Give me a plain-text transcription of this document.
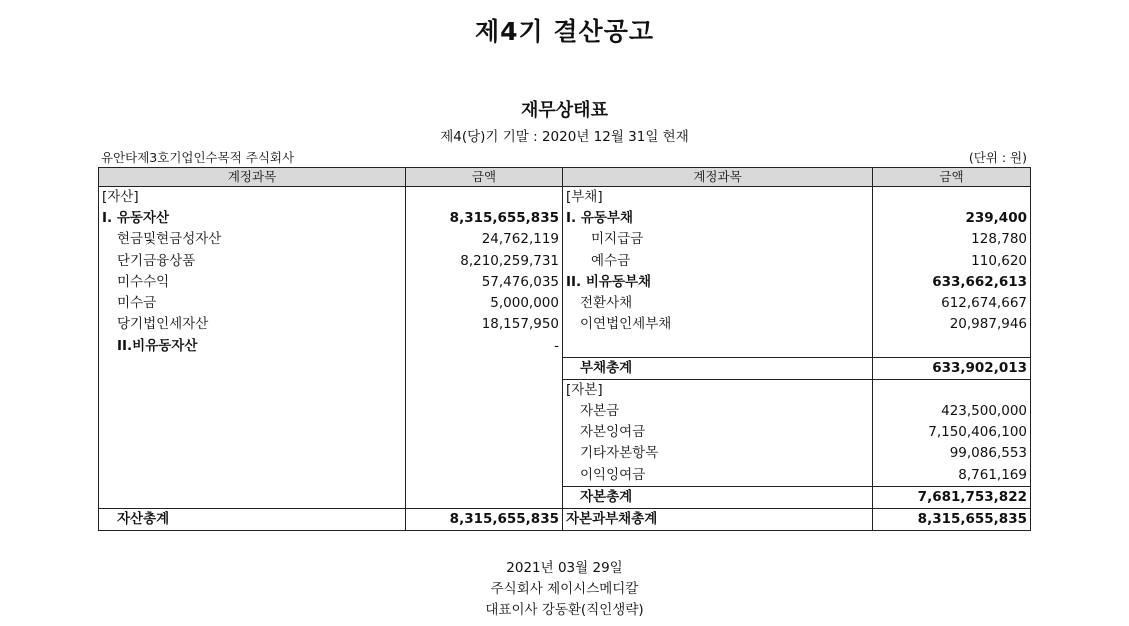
제4기 결산공고
재무상태표
제4(당)기 기말 : 2020년 12월 31일 현재
유안타제3호기업인수목적 주식회사	(단위 : 원)
계정과목	금액	계정과목	금액
[자산]		[부채]	
Ⅰ. 유동자산	8,315,655,835	I. 유동부채	239,400
현금및현금성자산	24,762,119	미지급금	128,780
단기금융상품	8,210,259,731	예수금	110,620
미수수익	57,476,035	II. 비유동부채	633,662,613
미수금	5,000,000	전환사채	612,674,667
당기법인세자산	18,157,950	이연법인세부채	20,987,946
II.비유동자산	-		
		부채총계	633,902,013
		[자본]	
		자본금	423,500,000
		자본잉여금	7,150,406,100
		기타자본항목	99,086,553
		이익잉여금	8,761,169
		자본총계	7,681,753,822
자산총계	8,315,655,835	자본과부채총계	8,315,655,835
2021년 03월 29일
주식회사 제이시스메디칼
대표이사 강동환(직인생략)
